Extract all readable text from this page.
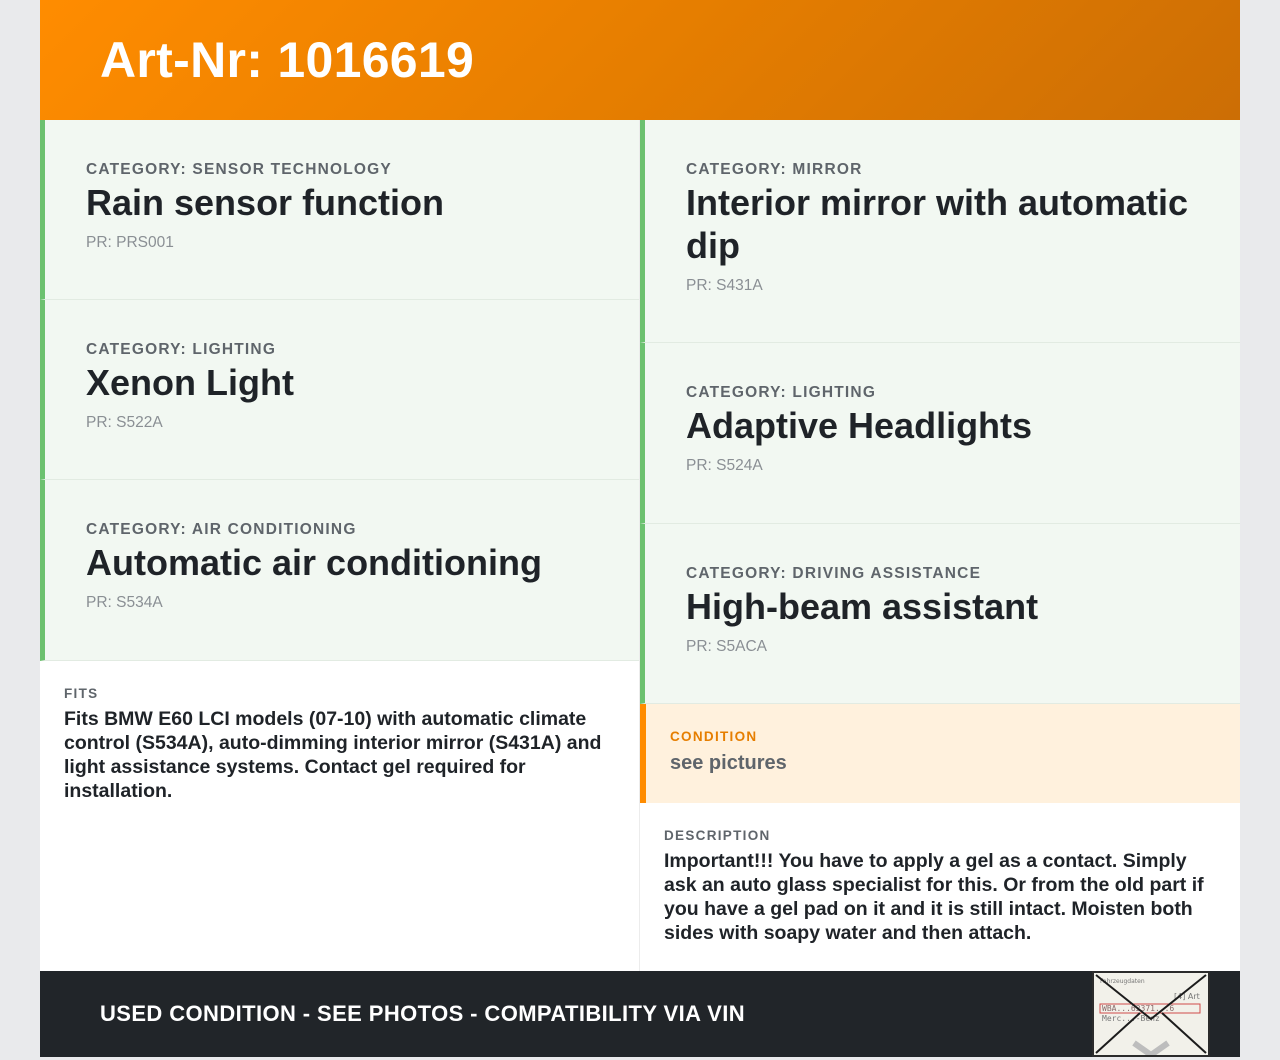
Art-Nr: 1016619
CATEGORY: SENSOR TECHNOLOGY
Rain sensor function
PR: PRS001
CATEGORY: LIGHTING
Xenon Light
PR: S522A
CATEGORY: AIR CONDITIONING
Automatic air conditioning
PR: S534A
FITS
Fits BMW E60 LCI models (07-10) with automatic climate control (S534A), auto-dimming interior mirror (S431A) and light assistance systems. Contact gel required for installation.
CATEGORY: MIRROR
Interior mirror with automatic dip
PR: S431A
CATEGORY: LIGHTING
Adaptive Headlights
PR: S524A
CATEGORY: DRIVING ASSISTANCE
High-beam assistant
PR: S5ACA
CONDITION
see pictures
DESCRIPTION
Important!!! You have to apply a gel as a contact. Simply ask an auto glass specialist for this. Or from the old part if you have a gel pad on it and it is still intact. Moisten both sides with soapy water and then attach.
USED CONDITION - SEE PHOTOS - COMPATIBILITY VIA VIN
Fahrzeugdaten
[4] Art
WBA...62371...6
Merc...-Benz
